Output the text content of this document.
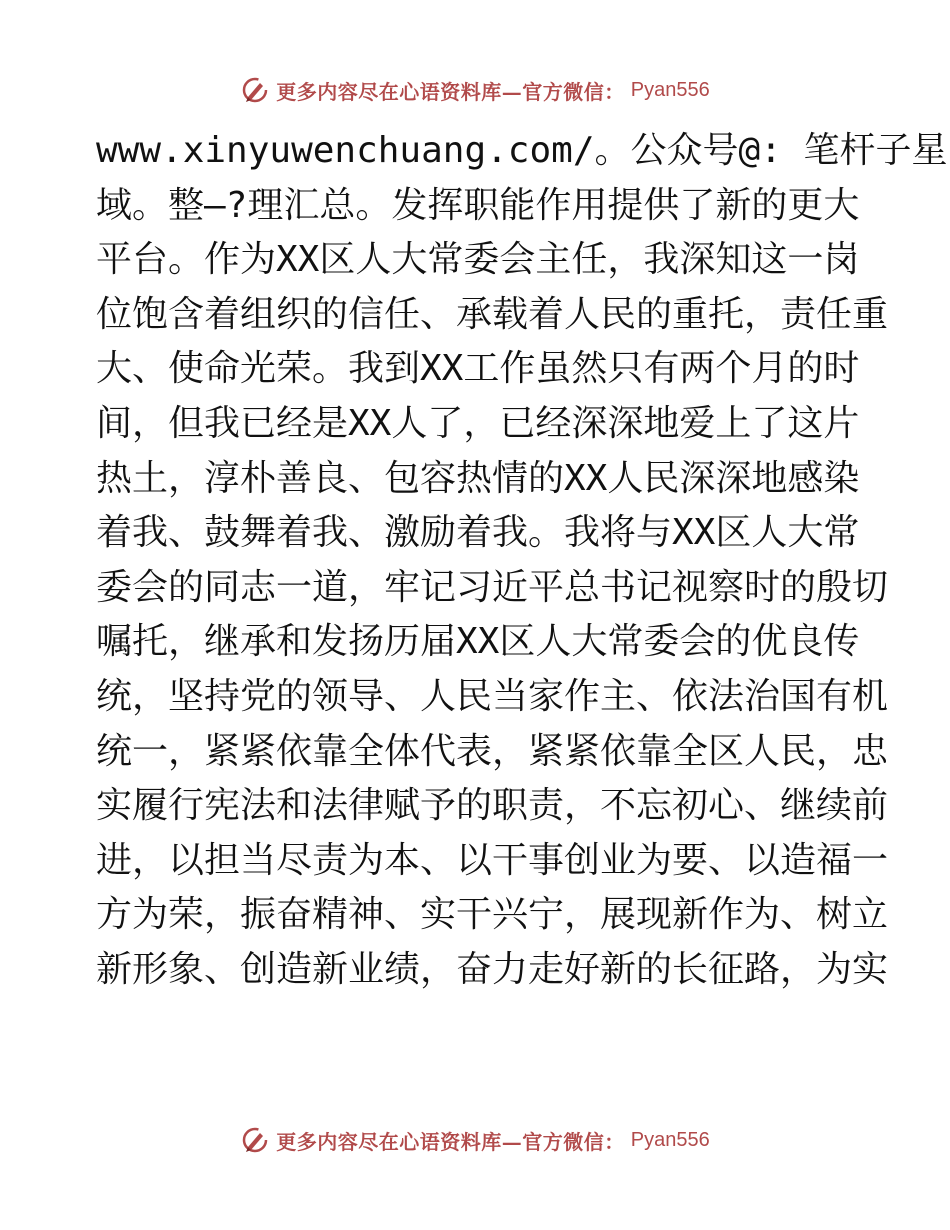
更多内容尽在心语资料库—官方微信： Pyan556
www.xinyuwenchuang.com/。公众号@: 笔杆子星
域。整—?理汇总。发挥职能作用提供了新的更大
平台。作为XX区人大常委会主任，我深知这一岗
位饱含着组织的信任、承载着人民的重托，责任重
大、使命光荣。我到XX工作虽然只有两个月的时
间，但我已经是XX人了，已经深深地爱上了这片
热土，淳朴善良、包容热情的XX人民深深地感染
着我、鼓舞着我、激励着我。我将与XX区人大常
委会的同志一道，牢记习近平总书记视察时的殷切
嘱托，继承和发扬历届XX区人大常委会的优良传
统，坚持党的领导、人民当家作主、依法治国有机
统一，紧紧依靠全体代表，紧紧依靠全区人民，忠
实履行宪法和法律赋予的职责，不忘初心、继续前
进，以担当尽责为本、以干事创业为要、以造福一
方为荣，振奋精神、实干兴宁，展现新作为、树立
新形象、创造新业绩，奋力走好新的长征路，为实
更多内容尽在心语资料库—官方微信： Pyan556
